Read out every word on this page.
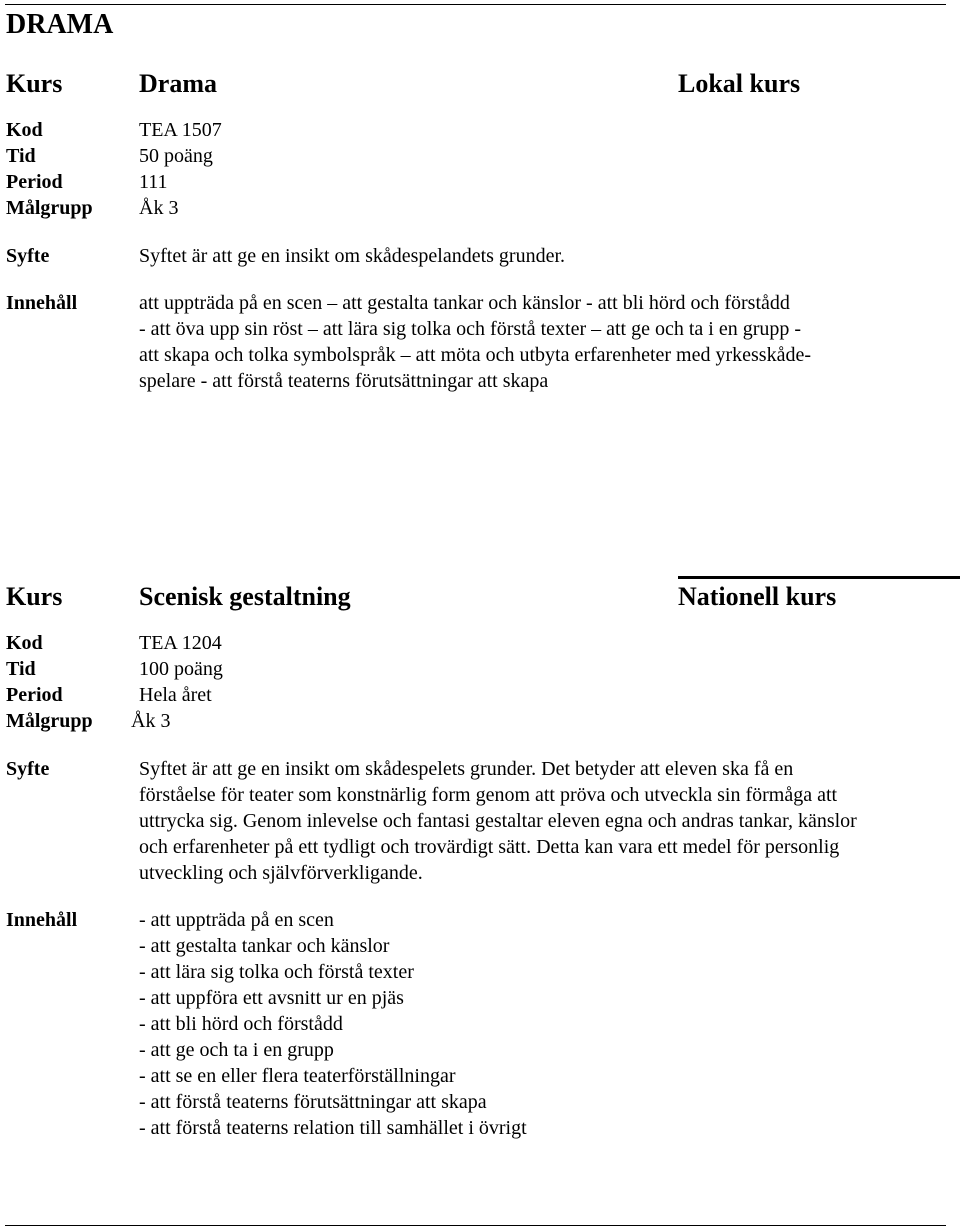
DRAMA
Kurs	Drama	Lokal kurs
Kod	TEA 1507
Tid	50 poäng
Period	111
Målgrupp Åk 3
Syfte	Syftet är att ge en insikt om skådespelandets grunder.
Innehåll	att uppträda på en scen – att gestalta tankar och känslor - att bli hörd och förstådd
- att öva upp sin röst – att lära sig tolka och förstå texter – att ge och ta i en grupp -
att skapa och tolka symbolspråk – att möta och utbyta erfarenheter med yrkesskåde-
spelare - att förstå teaterns förutsättningar att skapa
Kurs	Scenisk gestaltning	Nationell kurs
Kod	TEA 1204
Tid	100 poäng
Period	Hela året
Målgrupp Åk 3
Syfte	Syftet är att ge en insikt om skådespelets grunder. Det betyder att eleven ska få en
förståelse för teater som konstnärlig form genom att pröva och utveckla sin förmåga att
uttrycka sig. Genom inlevelse och fantasi gestaltar eleven egna och andras tankar, känslor
och erfarenheter på ett tydligt och trovärdigt sätt. Detta kan vara ett medel för personlig
utveckling och självförverkligande.
Innehåll	- att uppträda på en scen
- att gestalta tankar och känslor
- att lära sig tolka och förstå texter
- att uppföra ett avsnitt ur en pjäs
- att bli hörd och förstådd
- att ge och ta i en grupp
- att se en eller flera teaterförställningar
- att förstå teaterns förutsättningar att skapa
- att förstå teaterns relation till samhället i övrigt
